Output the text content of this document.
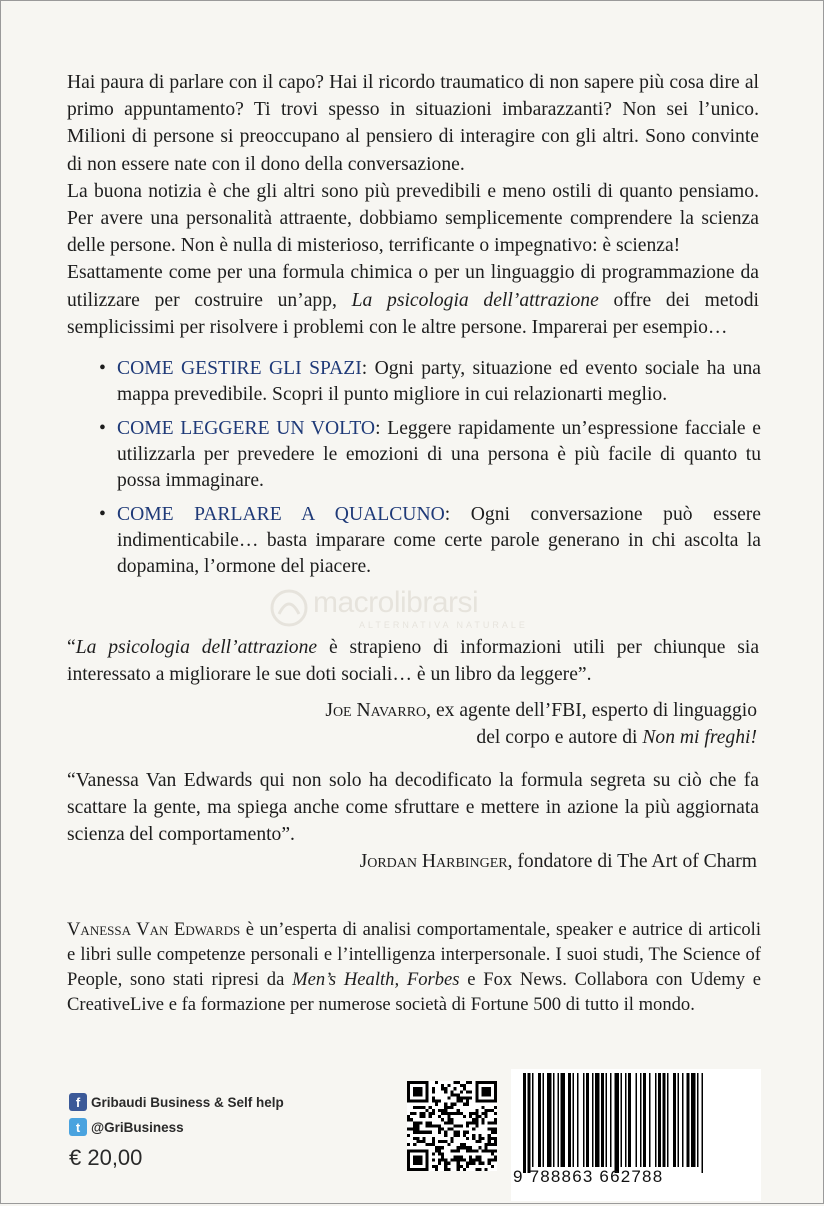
Hai paura di parlare con il capo? Hai il ricordo traumatico di non sapere più cosa dire al primo appuntamento? Ti trovi spesso in situazioni imbarazzanti? Non sei l’unico. Milioni di persone si preoccupano al pensiero di interagire con gli altri. Sono convinte di non essere nate con il dono della conversazione.

La buona notizia è che gli altri sono più prevedibili e meno ostili di quanto pensiamo. Per avere una personalità attraente, dobbiamo semplicemente comprendere la scienza delle persone. Non è nulla di misterioso, terrificante o impegnativo: è scienza!

Esattamente come per una formula chimica o per un linguaggio di programmazione da utilizzare per costruire un’app, La psicologia dell’attrazione offre dei metodi semplicissimi per risolvere i problemi con le altre persone. Imparerai per esempio…

• COME GESTIRE GLI SPAZI: Ogni party, situazione ed evento sociale ha una mappa prevedibile. Scopri il punto migliore in cui relazionarti meglio.
• COME LEGGERE UN VOLTO: Leggere rapidamente un’espressione facciale e utilizzarla per prevedere le emozioni di una persona è più facile di quanto tu possa immaginare.
• COME PARLARE A QUALCUNO: Ogni conversazione può essere indimenticabile… basta imparare come certe parole generano in chi ascolta la dopamina, l’ormone del piacere.
macrolibrarsi
ALTERNATIVA NATURALE
“La psicologia dell’attrazione è strapieno di informazioni utili per chiunque sia interessato a migliorare le sue doti sociali… è un libro da leggere”.
Joe Navarro, ex agente dell’FBI, esperto di linguaggio
del corpo e autore di Non mi freghi!
“Vanessa Van Edwards qui non solo ha decodificato la formula segreta su ciò che fa scattare la gente, ma spiega anche come sfruttare e mettere in azione la più aggiornata scienza del comportamento”.
Jordan Harbinger, fondatore di The Art of Charm
Vanessa Van Edwards è un’esperta di analisi comportamentale, speaker e autrice di articoli e libri sulle competenze personali e l’intelligenza interpersonale. I suoi studi, The Science of People, sono stati ripresi da Men’s Health, Forbes e Fox News. Collabora con Udemy e CreativeLive e fa formazione per numerose società di Fortune 500 di tutto il mondo.
f Gribaudi Business & Self help
t @GriBusiness
€ 20,00
9 788863 662788
